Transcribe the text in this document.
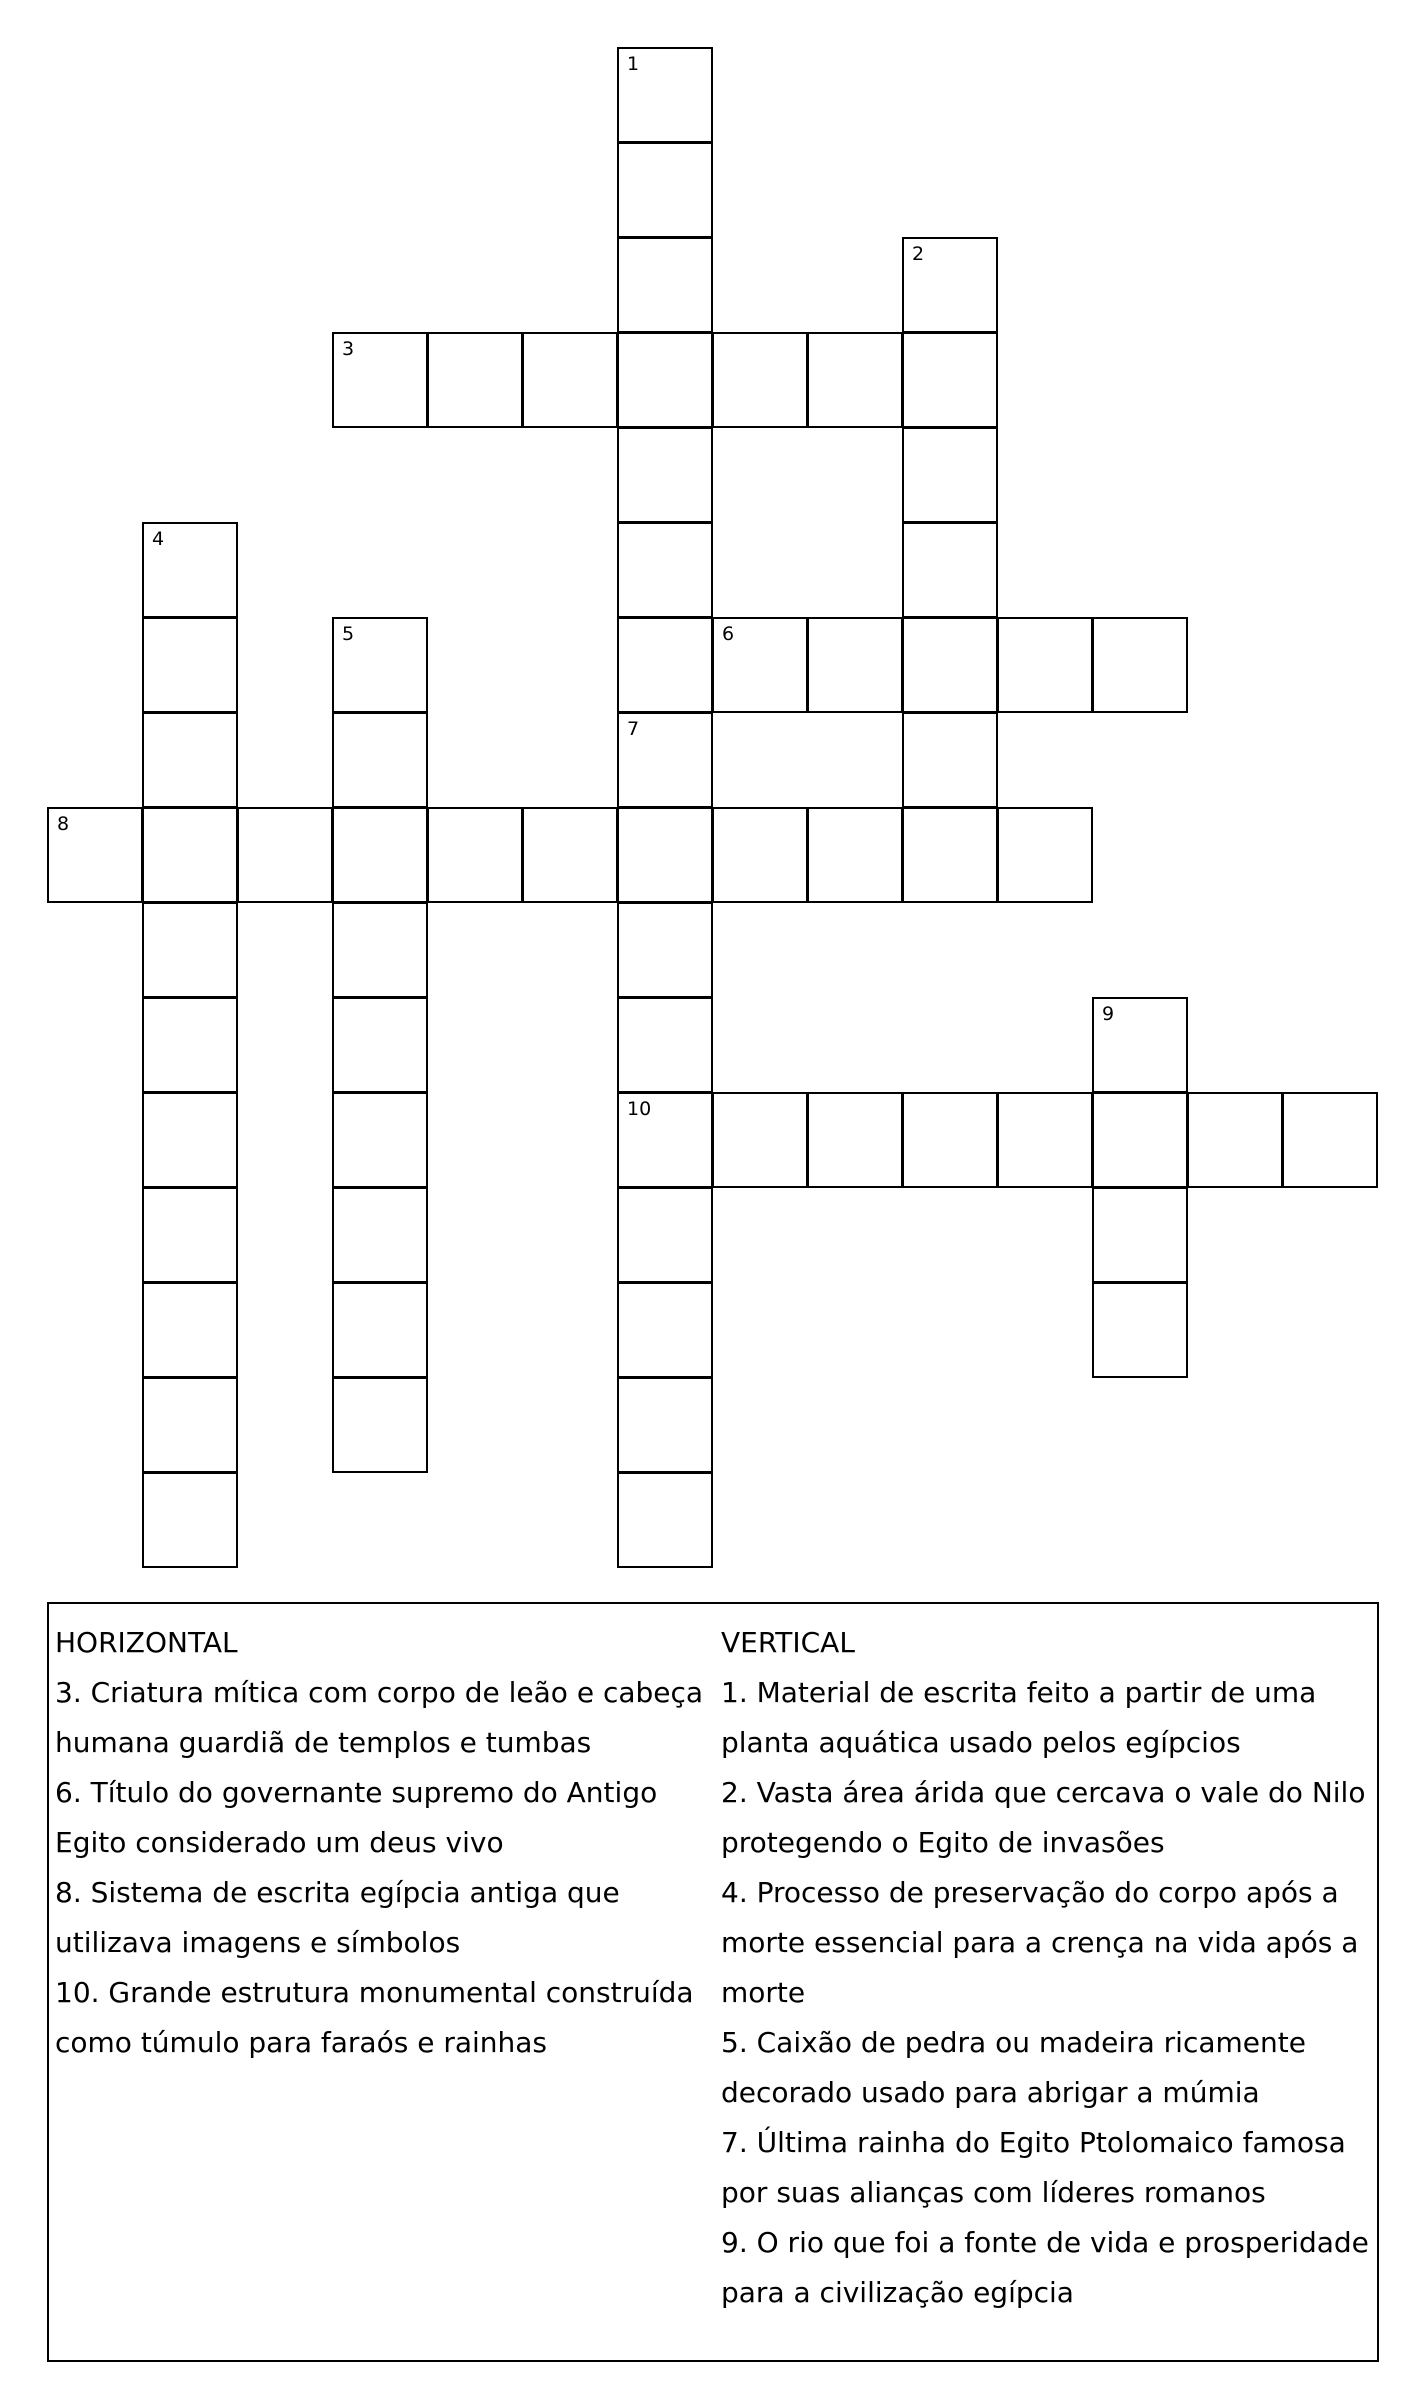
1
2
3
4
5	6
7
10
8
9
HORIZONTAL
3. Criatura mítica com corpo de leão e cabeça humana guardiã de templos e tumbas
6. Título do governante supremo do Antigo Egito considerado um deus vivo
8. Sistema de escrita egípcia antiga que utilizava imagens e símbolos
10. Grande estrutura monumental construída como túmulo para faraós e rainhas
VERTICAL
1. Material de escrita feito a partir de uma planta aquática usado pelos egípcios
2. Vasta área árida que cercava o vale do Nilo protegendo o Egito de invasões
4. Processo de preservação do corpo após a morte essencial para a crença na vida após a morte
5. Caixão de pedra ou madeira ricamente decorado usado para abrigar a múmia
7. Última rainha do Egito Ptolomaico famosa por suas alianças com líderes romanos
9. O rio que foi a fonte de vida e prosperidade para a civilização egípcia
